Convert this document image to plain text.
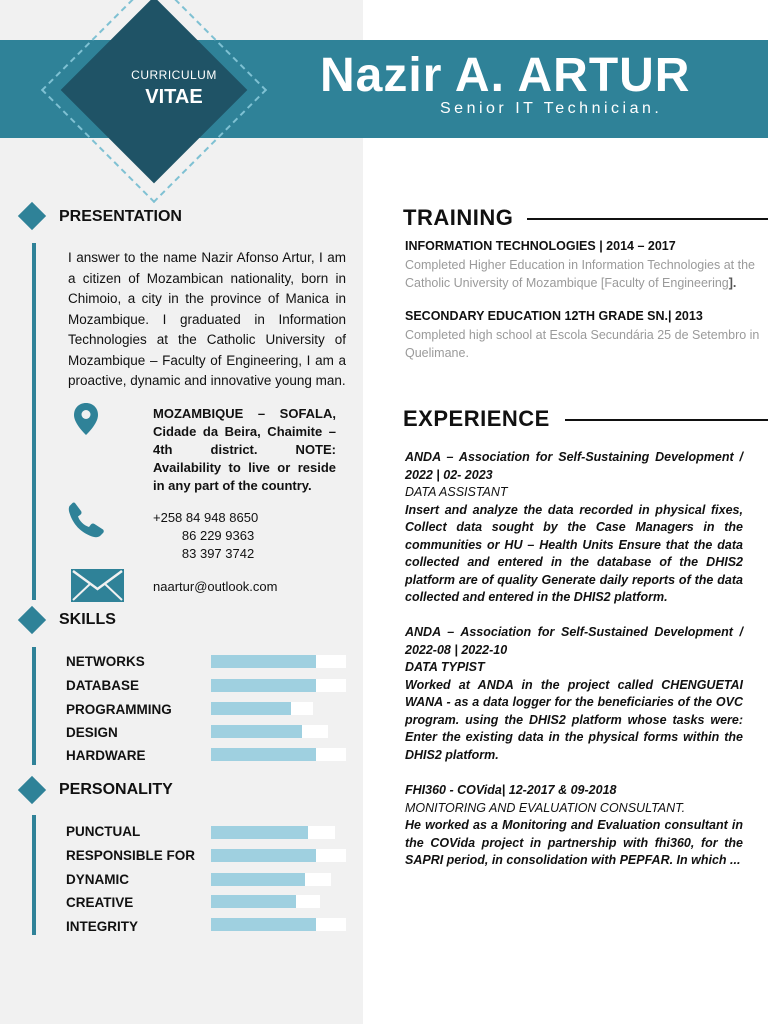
CURRICULUM
VITAE	Nazir A. ARTUR
Senior IT Technician.
PRESENTATION
I answer to the name Nazir Afonso Artur, I am a citizen of Mozambican nationality, born in Chimoio, a city in the province of Manica in Mozambique. I graduated in Information Technologies at the Catholic University of Mozambique – Faculty of Engineering, I am a proactive, dynamic and innovative young man.
MOZAMBIQUE – SOFALA, Cidade da Beira, Chaimite – 4th district. NOTE: Availability to live or reside in any part of the country.
+258 84 948 8650
86 229 9363
83 397 3742
naartur@outlook.com
SKILLS
NETWORKS
DATABASE
PROGRAMMING
DESIGN
HARDWARE
PERSONALITY
PUNCTUAL
RESPONSIBLE FOR
DYNAMIC
CREATIVE
INTEGRITY
TRAINING
INFORMATION TECHNOLOGIES | 2014 – 2017
Completed Higher Education in Information Technologies at the Catholic University of Mozambique [Faculty of Engineering].
SECONDARY EDUCATION 12TH GRADE SN.| 2013
Completed high school at Escola Secundária 25 de Setembro in Quelimane.
EXPERIENCE
ANDA – Association for Self-Sustaining Development / 2022 | 02- 2023
DATA ASSISTANT
Insert and analyze the data recorded in physical fixes, Collect data sought by the Case Managers in the communities or HU – Health Units Ensure that the data collected and entered in the database of the DHIS2 platform are of quality Generate daily reports of the data collected and entered in the DHIS2 platform.
ANDA – Association for Self-Sustained Development / 2022-08 | 2022-10
DATA TYPIST
Worked at ANDA in the project called CHENGUETAI WANA - as a data logger for the beneficiaries of the OVC program. using the DHIS2 platform whose tasks were: Enter the existing data in the physical forms within the DHIS2 platform.
FHI360 - COVida| 12-2017 & 09-2018
MONITORING AND EVALUATION CONSULTANT.
He worked as a Monitoring and Evaluation consultant in the COVida project in partnership with fhi360, for the SAPRI period, in consolidation with PEPFAR. In which ...
